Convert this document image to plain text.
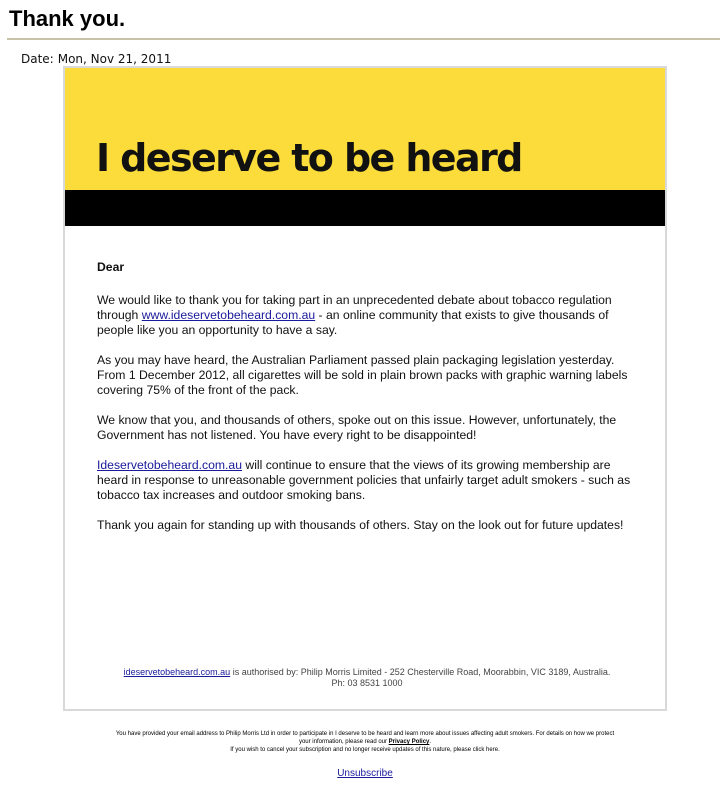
Thank you.
Date: Mon, Nov 21, 2011
I deserve to be heard
Dear

We would like to thank you for taking part in an unprecedented debate about tobacco regulation through www.ideservetobeheard.com.au - an online community that exists to give thousands of people like you an opportunity to have a say.

As you may have heard, the Australian Parliament passed plain packaging legislation yesterday. From 1 December 2012, all cigarettes will be sold in plain brown packs with graphic warning labels covering 75% of the front of the pack.

We know that you, and thousands of others, spoke out on this issue. However, unfortunately, the Government has not listened. You have every right to be disappointed!

Ideservetobeheard.com.au will continue to ensure that the views of its growing membership are heard in response to unreasonable government policies that unfairly target adult smokers - such as tobacco tax increases and outdoor smoking bans.

Thank you again for standing up with thousands of others. Stay on the look out for future updates!

ideservetobeheard.com.au is authorised by: Philip Morris Limited - 252 Chesterville Road, Moorabbin, VIC 3189, Australia.
Ph: 03 8531 1000
You have provided your email address to Philip Morris Ltd in order to participate in I deserve to be heard and learn more about issues affecting adult smokers. For details on how we protect
your information, please read our Privacy Policy.
If you wish to cancel your subscription and no longer receive updates of this nature, please click here.
Unsubscribe
